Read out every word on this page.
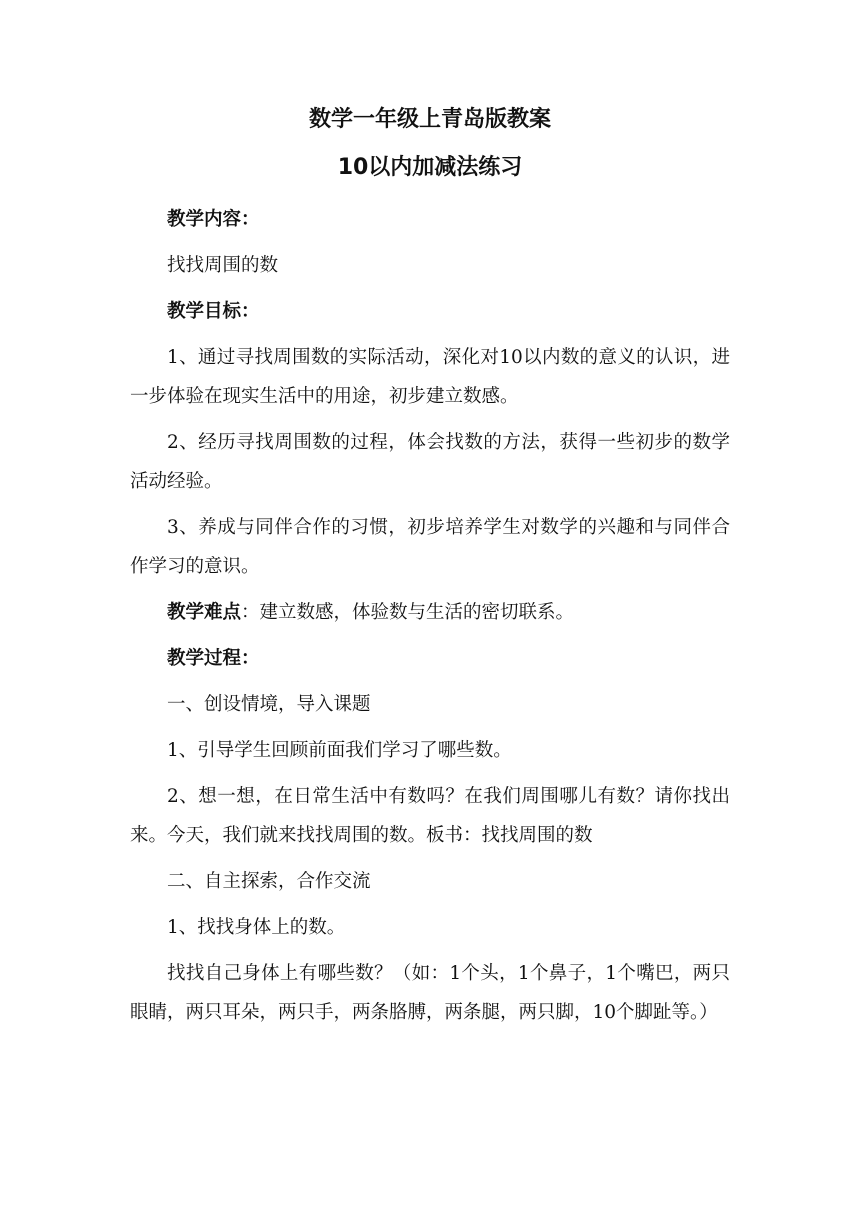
数学一年级上青岛版教案
10以内加减法练习

教学内容：

找找周围的数

教学目标：

1、通过寻找周围数的实际活动，深化对10以内数的意义的认识，进一步体验在现实生活中的用途，初步建立数感。

2、经历寻找周围数的过程，体会找数的方法，获得一些初步的数学活动经验。

3、养成与同伴合作的习惯，初步培养学生对数学的兴趣和与同伴合作学习的意识。

教学难点：建立数感，体验数与生活的密切联系。

教学过程：

一、创设情境，导入课题

1、引导学生回顾前面我们学习了哪些数。

2、想一想，在日常生活中有数吗？在我们周围哪儿有数？请你找出来。今天，我们就来找找周围的数。板书：找找周围的数

二、自主探索，合作交流

1、找找身体上的数。

找找自己身体上有哪些数？（如：1个头，1个鼻子，1个嘴巴，两只眼睛，两只耳朵，两只手，两条胳膊，两条腿，两只脚，10个脚趾等。）
